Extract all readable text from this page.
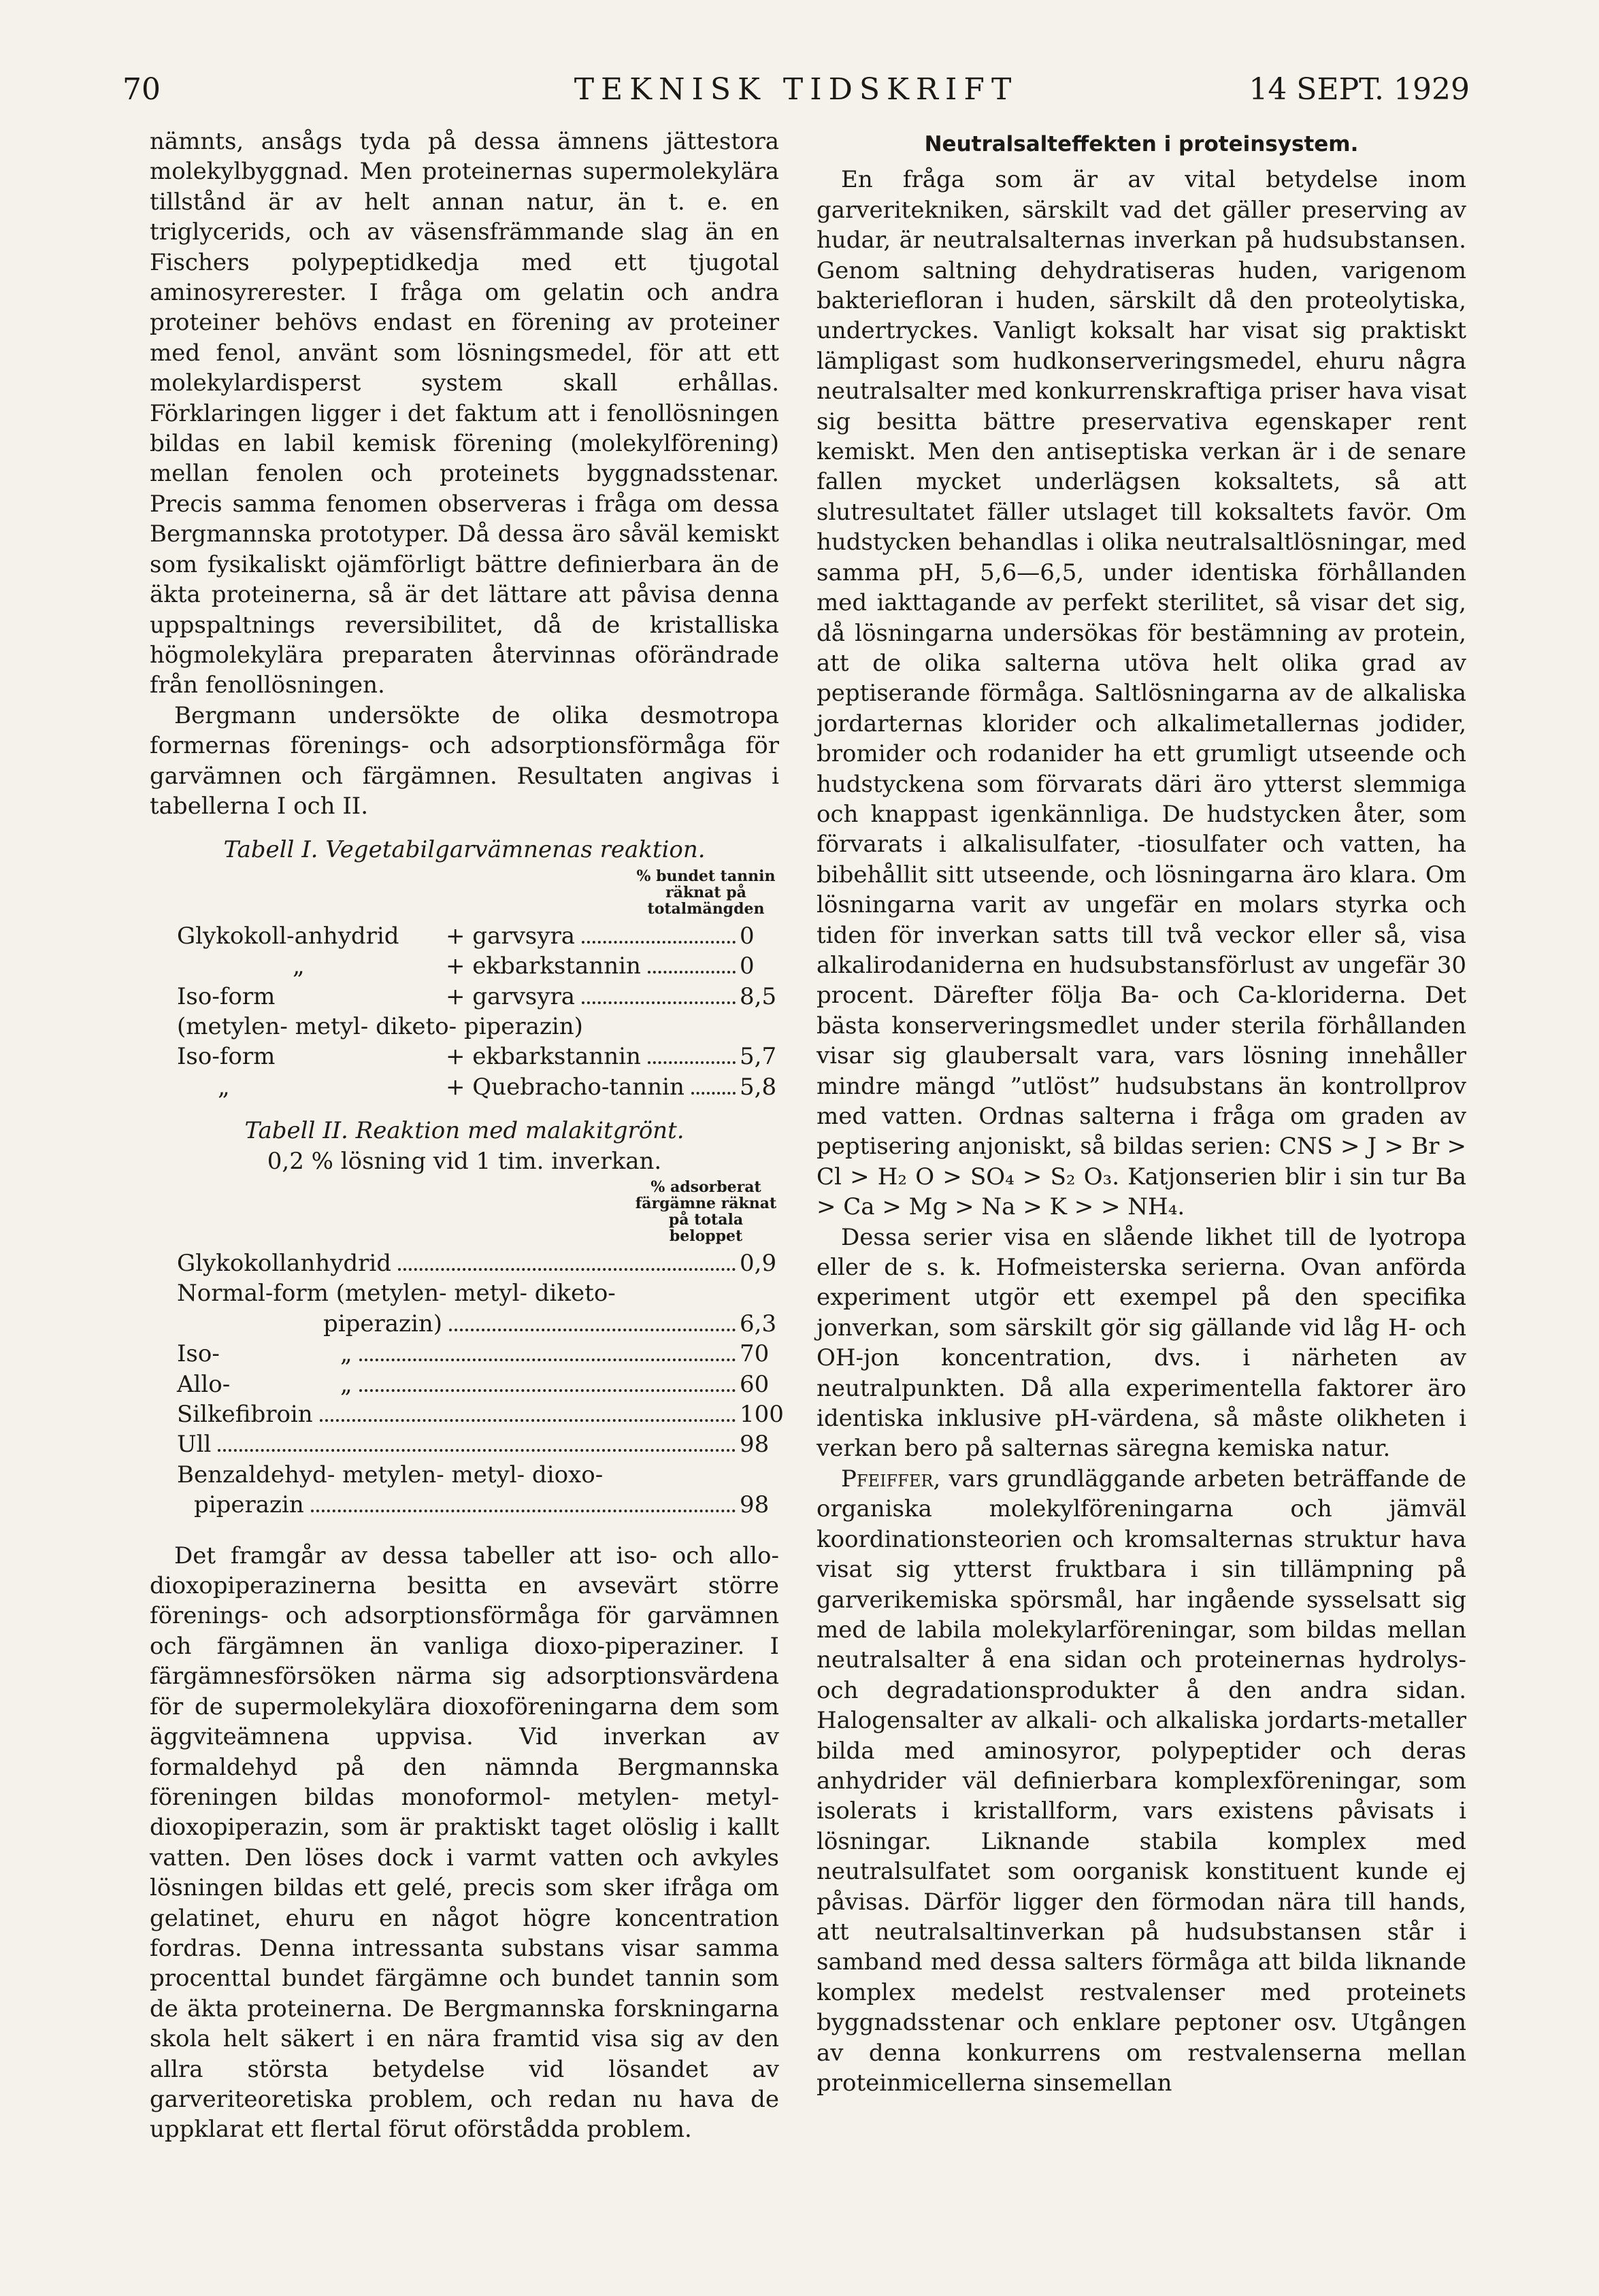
70	TEKNISK TIDSKRIFT	14 SEPT. 1929

nämnts, ansågs tyda på dessa ämnens jättestora molekylbyggnad. Men proteinernas supermolekylära tillstånd är av helt annan natur, än t. e. en triglycerids, och av väsensfrämmande slag än en Fischers polypeptidkedja med ett tjugotal aminosyrerester. I fråga om gelatin och andra proteiner behövs endast en förening av proteiner med fenol, använt som lösningsmedel, för att ett molekylardisperst system skall erhållas. Förklaringen ligger i det faktum att i fenollösningen bildas en labil kemisk förening (molekylförening) mellan fenolen och proteinets byggnadsstenar. Precis samma fenomen observeras i fråga om dessa Bergmannska prototyper. Då dessa äro såväl kemiskt som fysikaliskt ojämförligt bättre definierbara än de äkta proteinerna, så är det lättare att påvisa denna uppspaltnings reversibilitet, då de kristalliska högmolekylära preparaten återvinnas oförändrade från fenollösningen.

Bergmann undersökte de olika desmotropa formernas förenings- och adsorptionsförmåga för garvämnen och färgämnen. Resultaten angivas i tabellerna I och II.

Tabell I. Vegetabilgarvämnenas reaktion.
% bundet tannin räknat på totalmängden
Glykokoll-anhydrid	+ garvsyra	0
„	+ ekbarkstannin	0
Iso-form	+ garvsyra	8,5
(metylen- metyl- diketo- piperazin)
Iso-form	+ ekbarkstannin	5,7
„	+ Quebracho-tannin 5,8
Tabell II. Reaktion med malakitgrönt.
0,2 % lösning vid 1 tim. inverkan.
% adsorberat färgämne räknat på totala beloppet
Glykokollanhydrid	0,9
Normal-form (metylen- metyl- diketo-
piperazin)	6,3
Iso-	„	70
Allo-	„	60
Silkefibroin	100
Ull	98
Benzaldehyd- metylen- metyl- dioxo-
piperazin	98

Det framgår av dessa tabeller att iso- och allo-dioxopiperazinerna besitta en avsevärt större förenings- och adsorptionsförmåga för garvämnen och färgämnen än vanliga dioxo-piperaziner. I färgämnesförsöken närma sig adsorptionsvärdena för de supermolekylära dioxoföreningarna dem som äggviteämnena uppvisa. Vid inverkan av formaldehyd på den nämnda Bergmannska föreningen bildas monoformol- metylen- metyl- dioxopiperazin, som är praktiskt taget olöslig i kallt vatten. Den löses dock i varmt vatten och avkyles lösningen bildas ett gelé, precis som sker ifråga om gelatinet, ehuru en något högre koncentration fordras. Denna intressanta substans visar samma procenttal bundet färgämne och bundet tannin som de äkta proteinerna. De Bergmannska forskningarna skola helt säkert i en nära framtid visa sig av den allra största betydelse vid lösandet av garveriteoretiska problem, och redan nu hava de uppklarat ett flertal förut oförstådda problem.

Neutralsalteffekten i proteinsystem.

En fråga som är av vital betydelse inom garveritekniken, särskilt vad det gäller preserving av hudar, är neutralsalternas inverkan på hudsubstansen. Genom saltning dehydratiseras huden, varigenom bakteriefloran i huden, särskilt då den proteolytiska, undertryckes. Vanligt koksalt har visat sig praktiskt lämpligast som hudkonserveringsmedel, ehuru några neutralsalter med konkurrenskraftiga priser hava visat sig besitta bättre preservativa egenskaper rent kemiskt. Men den antiseptiska verkan är i de senare fallen mycket underlägsen koksaltets, så att slutresultatet fäller utslaget till koksaltets favör. Om hudstycken behandlas i olika neutralsaltlösningar, med samma pH, 5,6—6,5, under identiska förhållanden med iakttagande av perfekt sterilitet, så visar det sig, då lösningarna undersökas för bestämning av protein, att de olika salterna utöva helt olika grad av peptiserande förmåga. Saltlösningarna av de alkaliska jordarternas klorider och alkalimetallernas jodider, bromider och rodanider ha ett grumligt utseende och hudstyckena som förvarats däri äro ytterst slemmiga och knappast igenkännliga. De hudstycken åter, som förvarats i alkalisulfater, -tiosulfater och vatten, ha bibehållit sitt utseende, och lösningarna äro klara. Om lösningarna varit av ungefär en molars styrka och tiden för inverkan satts till två veckor eller så, visa alkalirodaniderna en hudsubstansförlust av ungefär 30 procent. Därefter följa Ba- och Ca-kloriderna. Det bästa konserveringsmedlet under sterila förhållanden visar sig glaubersalt vara, vars lösning innehåller mindre mängd ”utlöst” hudsubstans än kontrollprov med vatten. Ordnas salterna i fråga om graden av peptisering anjoniskt, så bildas serien: CNS > J > Br > Cl > H₂ O > SO₄ > S₂ O₃. Katjonserien blir i sin tur Ba > Ca > Mg > Na > K > > NH₄.

Dessa serier visa en slående likhet till de lyotropa eller de s. k. Hofmeisterska serierna. Ovan anförda experiment utgör ett exempel på den specifika jonverkan, som särskilt gör sig gällande vid låg H- och OH-jon koncentration, dvs. i närheten av neutralpunkten. Då alla experimentella faktorer äro identiska inklusive pH-värdena, så måste olikheten i verkan bero på salternas säregna kemiska natur.

Pfeiffer, vars grundläggande arbeten beträffande de organiska molekylföreningarna och jämväl koordinationsteorien och kromsalternas struktur hava visat sig ytterst fruktbara i sin tillämpning på garverikemiska spörsmål, har ingående sysselsatt sig med de labila molekylarföreningar, som bildas mellan neutralsalter å ena sidan och proteinernas hydrolys- och degradationsprodukter å den andra sidan. Halogensalter av alkali- och alkaliska jordarts-metaller bilda med aminosyror, polypeptider och deras anhydrider väl definierbara komplexföreningar, som isolerats i kristallform, vars existens påvisats i lösningar. Liknande stabila komplex med neutralsulfatet som oorganisk konstituent kunde ej påvisas. Därför ligger den förmodan nära till hands, att neutralsaltinverkan på hudsubstansen står i samband med dessa salters förmåga att bilda liknande komplex medelst restvalenser med proteinets byggnadsstenar och enklare peptoner osv. Utgången av denna konkurrens om restvalenserna mellan proteinmicellerna sinsemellan
